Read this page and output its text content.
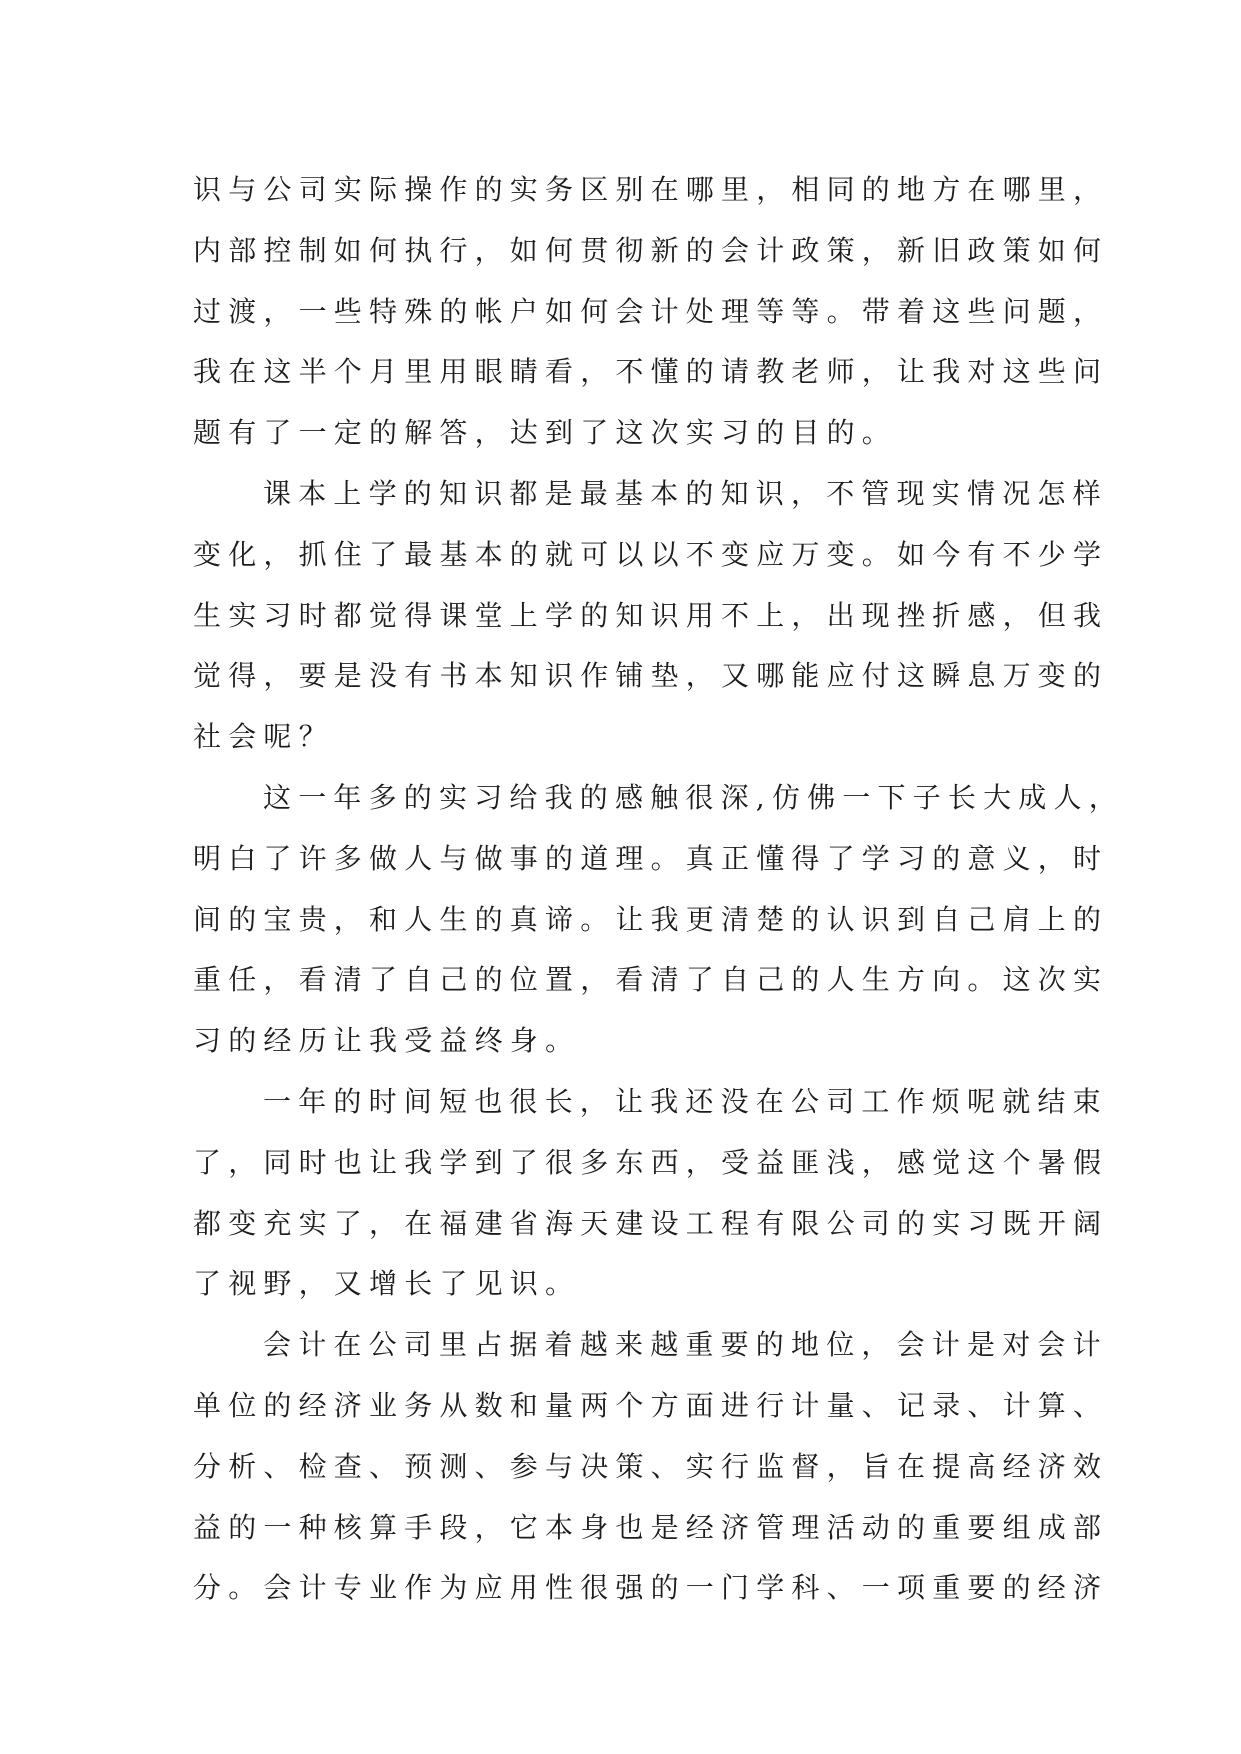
识与公司实际操作的实务区别在哪里，相同的地方在哪里，
内部控制如何执行，如何贯彻新的会计政策，新旧政策如何
过渡，一些特殊的帐户如何会计处理等等。带着这些问题，
我在这半个月里用眼睛看，不懂的请教老师，让我对这些问
题有了一定的解答，达到了这次实习的目的。
课本上学的知识都是最基本的知识，不管现实情况怎样
变化，抓住了最基本的就可以以不变应万变。如今有不少学
生实习时都觉得课堂上学的知识用不上，出现挫折感，但我
觉得，要是没有书本知识作铺垫，又哪能应付这瞬息万变的
社会呢？
这一年多的实习给我的感触很深,仿佛一下子长大成人，
明白了许多做人与做事的道理。真正懂得了学习的意义，时
间的宝贵，和人生的真谛。让我更清楚的认识到自己肩上的
重任，看清了自己的位置，看清了自己的人生方向。这次实
习的经历让我受益终身。
一年的时间短也很长，让我还没在公司工作烦呢就结束
了，同时也让我学到了很多东西，受益匪浅，感觉这个暑假
都变充实了，在福建省海天建设工程有限公司的实习既开阔
了视野，又增长了见识。
会计在公司里占据着越来越重要的地位，会计是对会计
单位的经济业务从数和量两个方面进行计量、记录、计算、
分析、检查、预测、参与决策、实行监督，旨在提高经济效
益的一种核算手段，它本身也是经济管理活动的重要组成部
分。会计专业作为应用性很强的一门学科、一项重要的经济
